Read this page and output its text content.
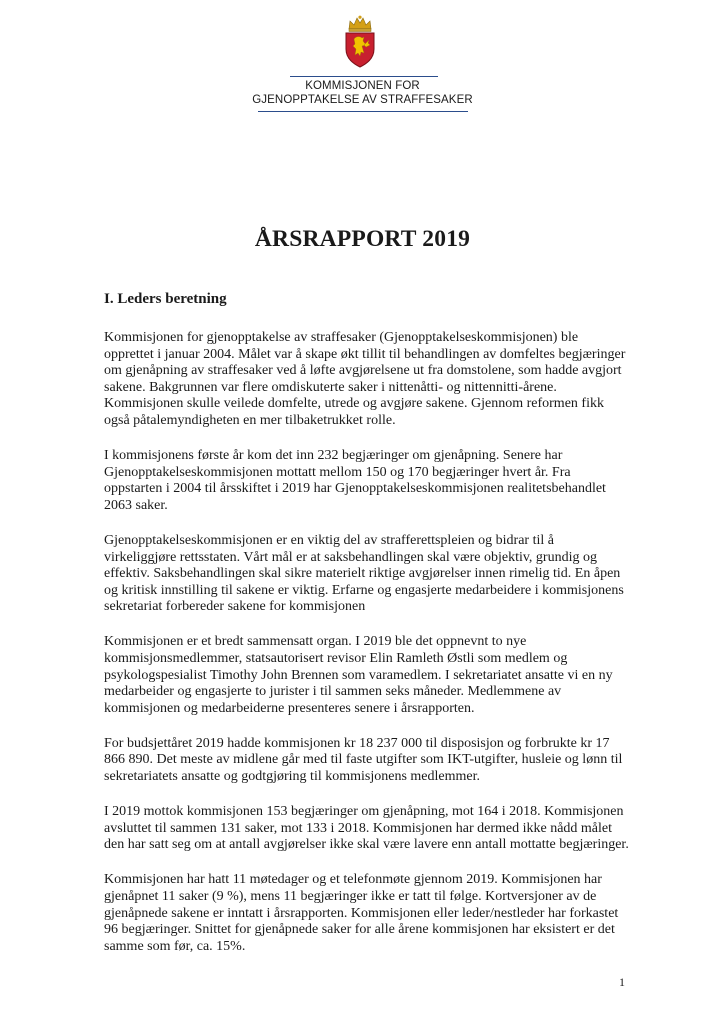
KOMMISJONEN FOR
GJENOPPTAKELSE AV STRAFFESAKER
ÅRSRAPPORT 2019
I. Leders beretning

Kommisjonen for gjenopptakelse av straffesaker (Gjenopptakelseskommisjonen) ble opprettet i januar 2004. Målet var å skape økt tillit til behandlingen av domfeltes begjæringer om gjenåpning av straffesaker ved å løfte avgjørelsene ut fra domstolene, som hadde avgjort sakene. Bakgrunnen var flere omdiskuterte saker i nittenåtti- og nittennitti-årene. Kommisjonen skulle veilede domfelte, utrede og avgjøre sakene. Gjennom reformen fikk også påtalemyndigheten en mer tilbaketrukket rolle.

I kommisjonens første år kom det inn 232 begjæringer om gjenåpning. Senere har Gjenopptakelseskommisjonen mottatt mellom 150 og 170 begjæringer hvert år. Fra oppstarten i 2004 til årsskiftet i 2019 har Gjenopptakelseskommisjonen realitetsbehandlet 2063 saker.

Gjenopptakelseskommisjonen er en viktig del av strafferettspleien og bidrar til å virkeliggjøre rettsstaten. Vårt mål er at saksbehandlingen skal være objektiv, grundig og effektiv. Saksbehandlingen skal sikre materielt riktige avgjørelser innen rimelig tid. En åpen og kritisk innstilling til sakene er viktig. Erfarne og engasjerte medarbeidere i kommisjonens sekretariat forbereder sakene for kommisjonen

Kommisjonen er et bredt sammensatt organ. I 2019 ble det oppnevnt to nye kommisjonsmedlemmer, statsautorisert revisor Elin Ramleth Østli som medlem og psykologspesialist Timothy John Brennen som varamedlem. I sekretariatet ansatte vi en ny medarbeider og engasjerte to jurister i til sammen seks måneder. Medlemmene av kommisjonen og medarbeiderne presenteres senere i årsrapporten.

For budsjettåret 2019 hadde kommisjonen kr 18 237 000 til disposisjon og forbrukte kr 17 866 890. Det meste av midlene går med til faste utgifter som IKT-utgifter, husleie og lønn til sekretariatets ansatte og godtgjøring til kommisjonens medlemmer.

I 2019 mottok kommisjonen 153 begjæringer om gjenåpning, mot 164 i 2018. Kommisjonen avsluttet til sammen 131 saker, mot 133 i 2018. Kommisjonen har dermed ikke nådd målet den har satt seg om at antall avgjørelser ikke skal være lavere enn antall mottatte begjæringer.

Kommisjonen har hatt 11 møtedager og et telefonmøte gjennom 2019. Kommisjonen har gjenåpnet 11 saker (9 %), mens 11 begjæringer ikke er tatt til følge. Kortversjoner av de gjenåpnede sakene er inntatt i årsrapporten. Kommisjonen eller leder/nestleder har forkastet 96 begjæringer. Snittet for gjenåpnede saker for alle årene kommisjonen har eksistert er det samme som før, ca. 15%.

1
